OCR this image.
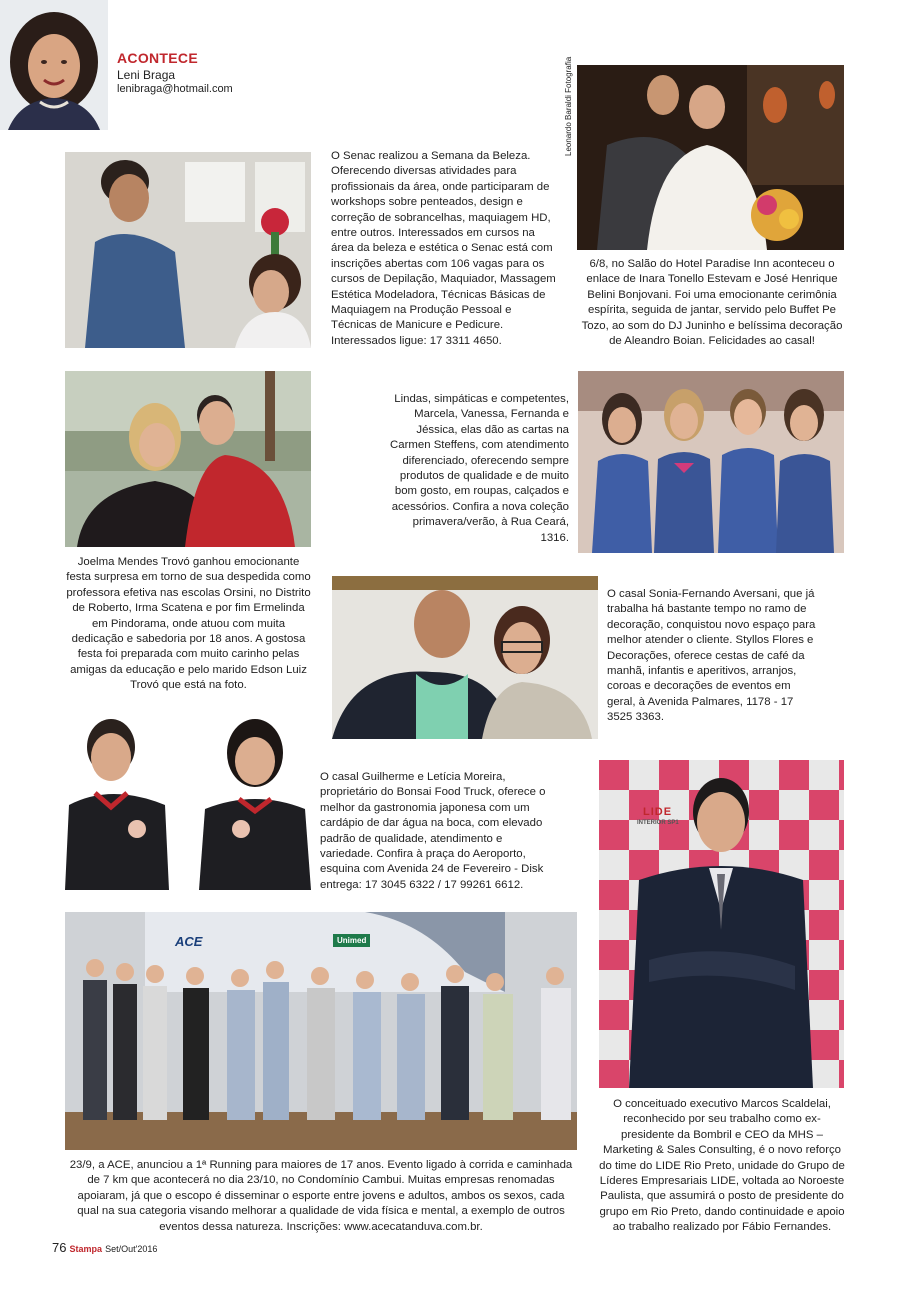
ACONTECE
Leni Braga
lenibraga@hotmail.com	Leonardo Baraldi Fotografia
O Senac realizou a Semana da Beleza. Oferecendo diversas atividades para profissionais da área, onde participaram de workshops sobre penteados, design e correção de sobrancelhas, maquiagem HD, entre outros. Interessados em cursos na área da beleza e estética o Senac está com inscrições abertas com 106 vagas para os cursos de Depilação, Maquiador, Massagem Estética Modeladora, Técnicas Básicas de Maquiagem na Produção Pessoal e Técnicas de Manicure e Pedicure. Interessados ligue: 17 3311 4650.
6/8, no Salão do Hotel Paradise Inn aconteceu o enlace de Inara Tonello Estevam e José Henrique Belini Bonjovani. Foi uma emocionante cerimônia espírita, seguida de jantar, servido pelo Buffet Pe Tozo, ao som do DJ Juninho e belíssima decoração de Aleandro Boian. Felicidades ao casal!
Joelma Mendes Trovó ganhou emocionante festa surpresa em torno de sua despedida como professora efetiva nas escolas Orsini, no Distrito de Roberto, Irma Scatena e por fim Ermelinda em Pindorama, onde atuou com muita dedicação e sabedoria por 18 anos. A gostosa festa foi preparada com muito carinho pelas amigas da educação e pelo marido Edson Luiz Trovó que está na foto.
Lindas, simpáticas e competentes, Marcela, Vanessa, Fernanda e Jéssica, elas dão as cartas na Carmen Steffens, com atendimento diferenciado, oferecendo sempre produtos de qualidade e de muito bom gosto, em roupas, calçados e acessórios. Confira a nova coleção primavera/verão, à Rua Ceará, 1316.
O casal Sonia-Fernando Aversani, que já trabalha há bastante tempo no ramo de decoração, conquistou novo espaço para melhor atender o cliente. Styllos Flores e Decorações, oferece cestas de café da manhã, infantis e aperitivos, arranjos, coroas e decorações de eventos em geral, à Avenida Palmares, 1178 - 17 3525 3363.
O casal Guilherme e Letícia Moreira, proprietário do Bonsai Food Truck, oferece o melhor da gastronomia japonesa com um cardápio de dar água na boca, com elevado padrão de qualidade, atendimento e variedade. Confira à praça do Aeroporto, esquina com Avenida 24 de Fevereiro - Disk entrega: 17 3045 6322 / 17 99261 6612.
LIDE
INTERIOR SP1
O conceituado executivo Marcos Scaldelai, reconhecido por seu trabalho como ex-presidente da Bombril e CEO da MHS – Marketing & Sales Consulting, é o novo reforço do time do LIDE Rio Preto, unidade do Grupo de Líderes Empresariais LIDE, voltada ao Noroeste Paulista, que assumirá o posto de presidente do grupo em Rio Preto, dando continuidade e apoio ao trabalho realizado por Fábio Fernandes.
ACE	Unimed
23/9, a ACE, anunciou a 1ª Running para maiores de 17 anos. Evento ligado à corrida e caminhada de 7 km que acontecerá no dia 23/10, no Condomínio Cambui. Muitas empresas renomadas apoiaram, já que o escopo é disseminar o esporte entre jovens e adultos, ambos os sexos, cada qual na sua categoria visando melhorar a qualidade de vida física e mental, a exemplo de outros eventos dessa natureza. Inscrições: www.acecatanduva.com.br.
76 Stampa Set/Out'2016
